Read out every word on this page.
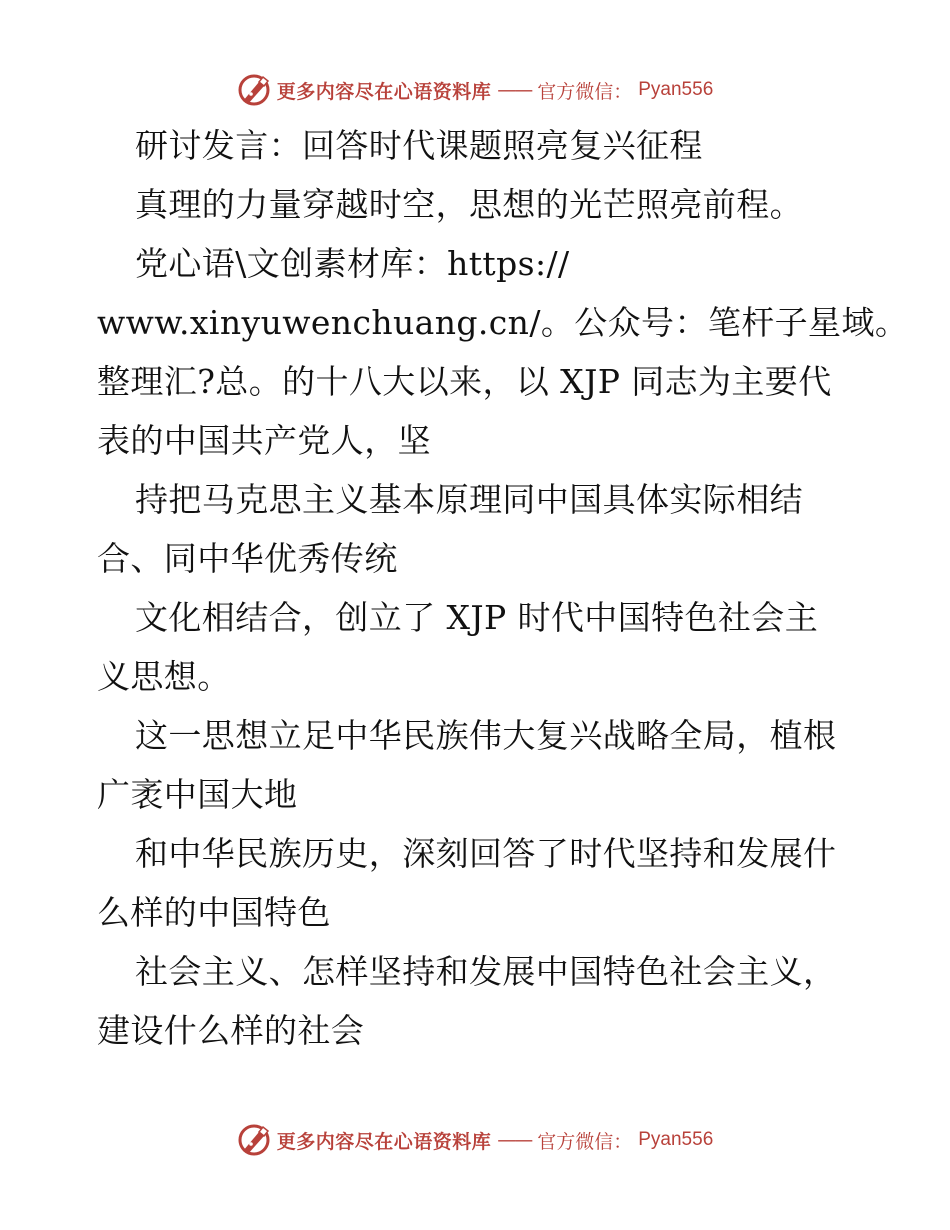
更多内容尽在心语资料库 —— 官方微信： Pyan556
研讨发言：回答时代课题照亮复兴征程
真理的力量穿越时空，思想的光芒照亮前程。
党心语\文创素材库：https://
www.xinyuwenchuang.cn/。公众号：笔杆子星域。
整理汇?总。的十八大以来，以 XJP 同志为主要代
表的中国共产党人，坚
持把马克思主义基本原理同中国具体实际相结
合、同中华优秀传统
文化相结合，创立了 XJP 时代中国特色社会主
义思想。
这一思想立足中华民族伟大复兴战略全局，植根
广袤中国大地
和中华民族历史，深刻回答了时代坚持和发展什
么样的中国特色
社会主义、怎样坚持和发展中国特色社会主义，
建设什么样的社会
更多内容尽在心语资料库 —— 官方微信： Pyan556
